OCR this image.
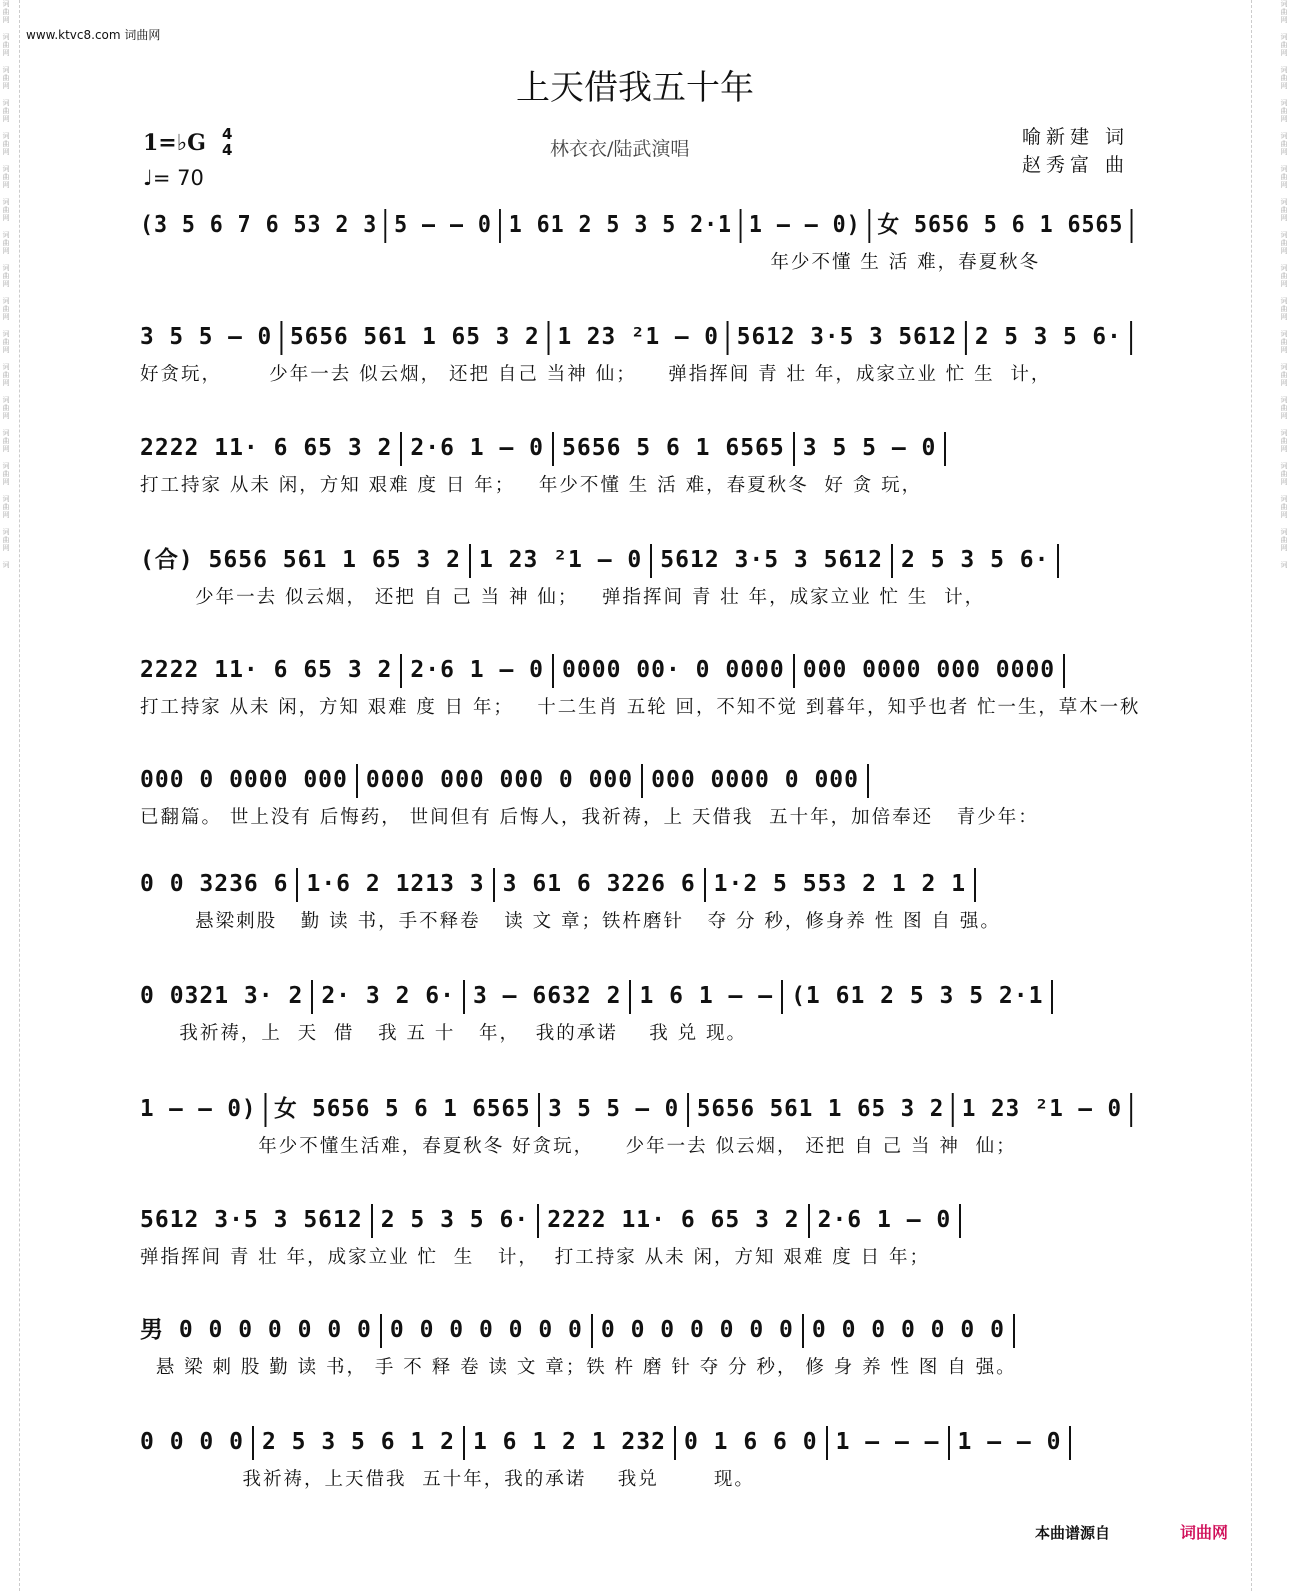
词
曲
网
词
曲
网
词
曲
网
词
曲
网
词
曲
网
词
曲
网
词
曲
网
词
曲
网
词
曲
网
词
曲
网
词
曲
网
词
曲
网
词
曲
网
词
曲
网
词
曲
网
词
曲
网
词
曲
网
词
词
曲
网
词
曲
网
词
曲
网
词
曲
网
词
曲
网
词
曲
网
词
曲
网
词
曲
网
词
曲
网
词
曲
网
词
曲
网
词
曲
网
词
曲
网
词
曲
网
词
曲
网
词
曲
网
词
曲
网
词
www.ktvc8.com 词曲网
上天借我五十年
1=♭G 4
4
♩= 70
林衣衣/陆武演唱
喻新建 词
赵秀富 曲
(3 5 6 7 6 53 2 3 5 – – 0 1 61 2 5 3 5 2·1 1 – – 0) 女 5656 5 6 1 6565
年少不懂 生 活 难，春夏秋冬
3 5 5 – 0 5656 561 1 65 3 2 1 23 ²1 – 0 5612 3·5 3 5612 2 5 3 5 6·
好贪玩，      少年一去 似云烟， 还把 自己 当神 仙；    弹指挥间 青 壮 年，成家立业 忙 生  计，
2222 11· 6 65 3 2 2·6 1 – 0 5656 5 6 1 6565 3 5 5 – 0
打工持家 从未 闲，方知 艰难 度 日 年；   年少不懂 生 活 难，春夏秋冬  好 贪 玩，
(合) 5656 561 1 65 3 2 1 23 ²1 – 0 5612 3·5 3 5612 2 5 3 5 6·
少年一去 似云烟， 还把 自 己 当 神 仙；   弹指挥间 青 壮 年，成家立业 忙 生  计，
2222 11· 6 65 3 2 2·6 1 – 0 0000 00· 0 0000 000 0000 000 0000
打工持家 从未 闲，方知 艰难 度 日 年；   十二生肖 五轮 回，不知不觉 到暮年，知乎也者 忙一生，草木一秋
000 0 0000 000 0000 000 000 0 000 000 0000 0 000
已翻篇。 世上没有 后悔药， 世间但有 后悔人，我祈祷，上 天借我  五十年，加倍奉还   青少年：
0 0 3236 6 1·6 2 1213 3 3 61 6 3226 6 1·2 5 553 2 1 2 1
悬梁刺股   勤 读 书，手不释卷   读 文 章；铁杵磨针   夺 分 秒，修身养 性 图 自 强。
0 0321 3· 2 2· 3 2 6· 3 – 6632 2 1 6 1 – – (1 61 2 5 3 5 2·1
我祈祷，上  天  借   我 五 十   年，  我的承诺    我 兑 现。
1 – – 0) 女 5656 5 6 1 6565 3 5 5 – 0 5656 561 1 65 3 2 1 23 ²1 – 0
年少不懂生活难，春夏秋冬 好贪玩，    少年一去 似云烟， 还把 自 己 当 神  仙；
5612 3·5 3 5612 2 5 3 5 6· 2222 11· 6 65 3 2 2·6 1 – 0
弹指挥间 青 壮 年，成家立业 忙  生   计，  打工持家 从未 闲，方知 艰难 度 日 年；
男 0 0 0 0 0 0 0 0 0 0 0 0 0 0 0 0 0 0 0 0 0 0 0 0 0 0 0 0
悬 梁 刺 股 勤 读 书， 手 不 释 卷 读 文 章；铁 杵 磨 针 夺 分 秒， 修 身 养 性 图 自 强。
0 0 0 0 2 5 3 5 6 1 2 1 6 1 2 1 232 0 1 6 6 0 1 – – – 1 – – 0
我祈祷，上天借我  五十年，我的承诺    我兑       现。
本曲谱源自	词曲网
